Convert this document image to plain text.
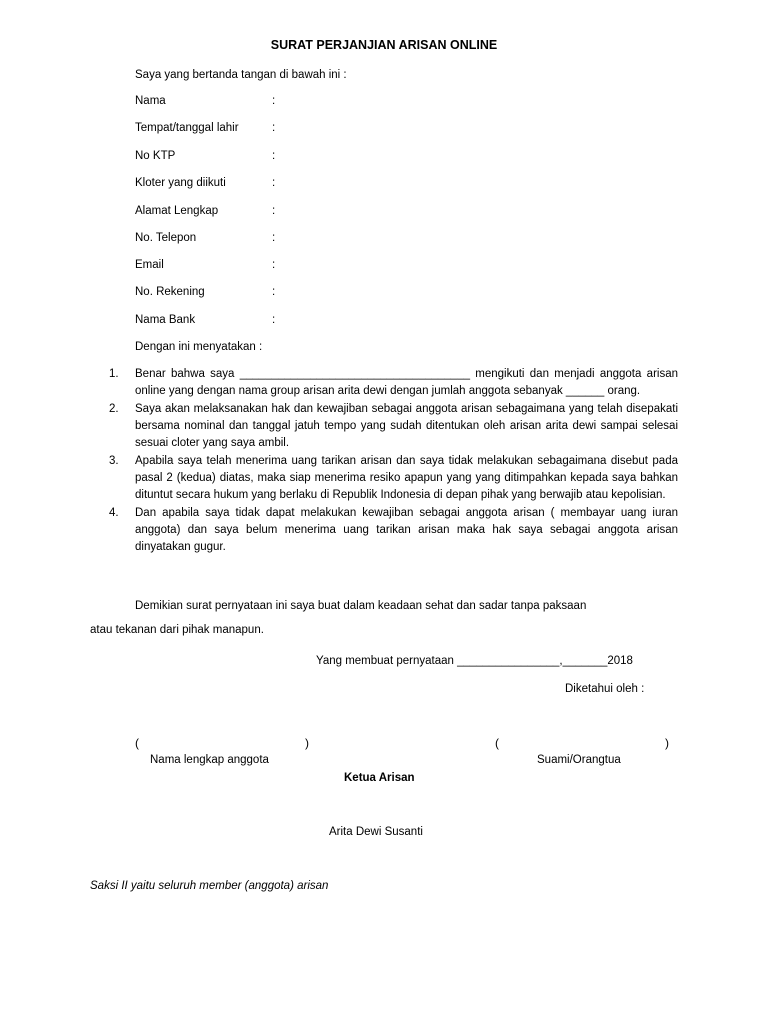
SURAT PERJANJIAN ARISAN ONLINE
Saya yang bertanda tangan di bawah ini :
Nama	:
Tempat/tanggal lahir	:
No KTP	:
Kloter yang diikuti	:
Alamat Lengkap	:
No. Telepon	:
Email	:
No. Rekening	:
Nama Bank	:
Dengan ini menyatakan :
1. Benar bahwa saya ____________________________________ mengikuti dan menjadi anggota arisan online yang dengan nama group arisan arita dewi dengan jumlah anggota sebanyak ______ orang.
2. Saya akan melaksanakan hak dan kewajiban sebagai anggota arisan sebagaimana yang telah disepakati bersama nominal dan tanggal jatuh tempo yang sudah ditentukan oleh arisan arita dewi sampai selesai sesuai cloter yang saya ambil.
3. Apabila saya telah menerima uang tarikan arisan dan saya tidak melakukan sebagaimana disebut pada pasal 2 (kedua) diatas, maka siap menerima resiko apapun yang yang ditimpahkan kepada saya bahkan dituntut secara hukum yang berlaku di Republik Indonesia di depan pihak yang berwajib atau kepolisian.
4. Dan apabila saya tidak dapat melakukan kewajiban sebagai anggota arisan ( membayar uang iuran anggota) dan saya belum menerima uang tarikan arisan maka hak saya sebagai anggota arisan dinyatakan gugur.
Demikian surat pernyataan ini saya buat dalam keadaan sehat dan sadar tanpa paksaan
atau tekanan dari pihak manapun.
Yang membuat pernyataan ________________,_______2018
Diketahui oleh :
(	)	(	)
Nama lengkap anggota	Suami/Orangtua
Ketua Arisan
Arita Dewi Susanti
Saksi II yaitu seluruh member (anggota) arisan
